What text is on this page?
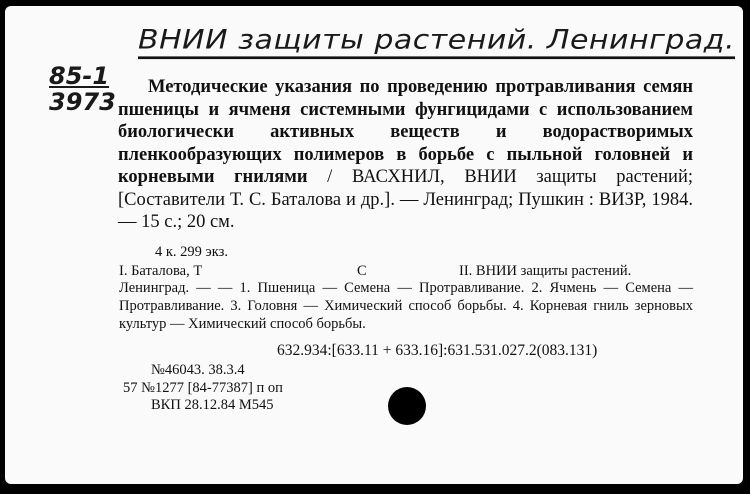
ВНИИ защиты растений. Ленинград.
85-1
3973
Методические указания по проведению протравливания семян пшеницы и ячменя системными фунгицидами с использованием биологически активных веществ и водорастворимых пленкообразующих полимеров в борьбе с пыльной головней и корневыми гнилями / ВАСХНИЛ, ВНИИ защиты растений; [Составители Т. С. Баталова и др.]. — Ленинград; Пушкин : ВИЗР, 1984. — 15 с.; 20 см.
4 к. 299 экз.
I. Баталова, Т	С	II. ВНИИ защиты растений.
Ленинград. — — 1. Пшеница — Семена — Протравливание. 2. Ячмень — Семена — Протравливание. 3. Головня — Химический способ борьбы. 4. Корневая гниль зерновых культур — Химический способ борьбы.
632.934:[633.11 + 633.16]:631.531.027.2(083.131)
№46043. 38.3.4
57 №1277 [84-77387] п оп
ВКП 28.12.84 М545
